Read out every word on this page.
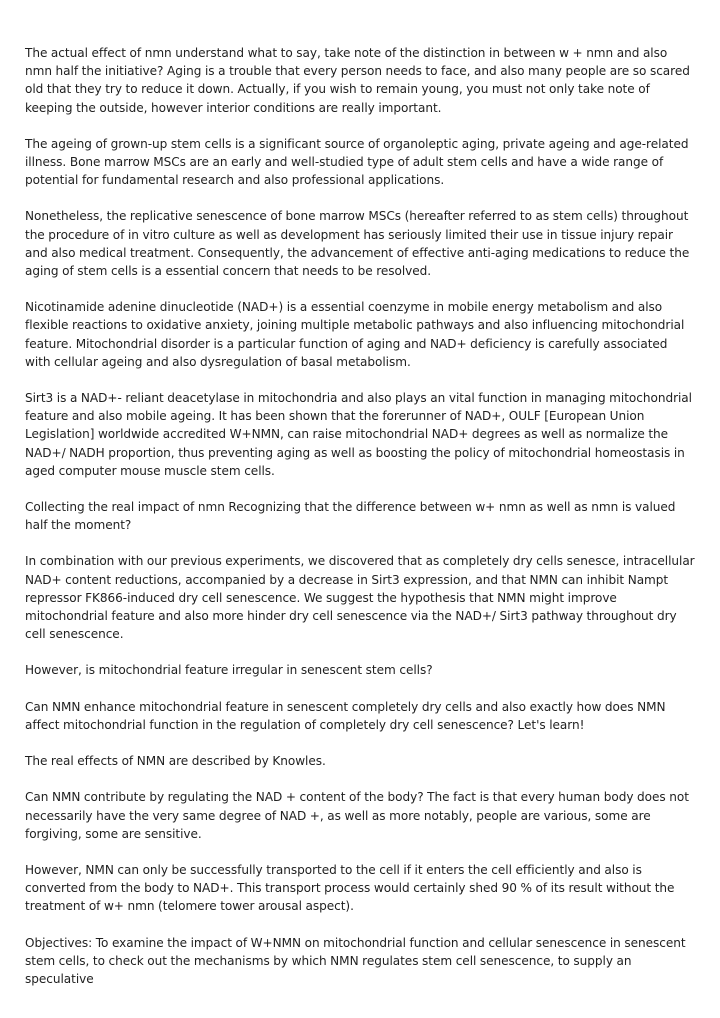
The actual effect of nmn understand what to say, take note of the distinction in between w + nmn and also nmn half the initiative? Aging is a trouble that every person needs to face, and also many people are so scared old that they try to reduce it down. Actually, if you wish to remain young, you must not only take note of keeping the outside, however interior conditions are really important.

The ageing of grown-up stem cells is a significant source of organoleptic aging, private ageing and age-related illness. Bone marrow MSCs are an early and well-studied type of adult stem cells and have a wide range of potential for fundamental research and also professional applications.

Nonetheless, the replicative senescence of bone marrow MSCs (hereafter referred to as stem cells) throughout the procedure of in vitro culture as well as development has seriously limited their use in tissue injury repair and also medical treatment. Consequently, the advancement of effective anti-aging medications to reduce the aging of stem cells is a essential concern that needs to be resolved.

Nicotinamide adenine dinucleotide (NAD+) is a essential coenzyme in mobile energy metabolism and also flexible reactions to oxidative anxiety, joining multiple metabolic pathways and also influencing mitochondrial feature. Mitochondrial disorder is a particular function of aging and NAD+ deficiency is carefully associated with cellular ageing and also dysregulation of basal metabolism.

Sirt3 is a NAD+- reliant deacetylase in mitochondria and also plays an vital function in managing mitochondrial feature and also mobile ageing. It has been shown that the forerunner of NAD+, OULF [European Union Legislation] worldwide accredited W+NMN, can raise mitochondrial NAD+ degrees as well as normalize the NAD+/ NADH proportion, thus preventing aging as well as boosting the policy of mitochondrial homeostasis in aged computer mouse muscle stem cells.

Collecting the real impact of nmn Recognizing that the difference between w+ nmn as well as nmn is valued half the moment?

In combination with our previous experiments, we discovered that as completely dry cells senesce, intracellular NAD+ content reductions, accompanied by a decrease in Sirt3 expression, and that NMN can inhibit Nampt repressor FK866-induced dry cell senescence. We suggest the hypothesis that NMN might improve mitochondrial feature and also more hinder dry cell senescence via the NAD+/ Sirt3 pathway throughout dry cell senescence.

However, is mitochondrial feature irregular in senescent stem cells?

Can NMN enhance mitochondrial feature in senescent completely dry cells and also exactly how does NMN affect mitochondrial function in the regulation of completely dry cell senescence? Let's learn!

The real effects of NMN are described by Knowles.

Can NMN contribute by regulating the NAD + content of the body? The fact is that every human body does not necessarily have the very same degree of NAD +, as well as more notably, people are various, some are forgiving, some are sensitive.

However, NMN can only be successfully transported to the cell if it enters the cell efficiently and also is converted from the body to NAD+. This transport process would certainly shed 90 % of its result without the treatment of w+ nmn (telomere tower arousal aspect).

Objectives: To examine the impact of W+NMN on mitochondrial function and cellular senescence in senescent stem cells, to check out the mechanisms by which NMN regulates stem cell senescence, to supply an speculative
